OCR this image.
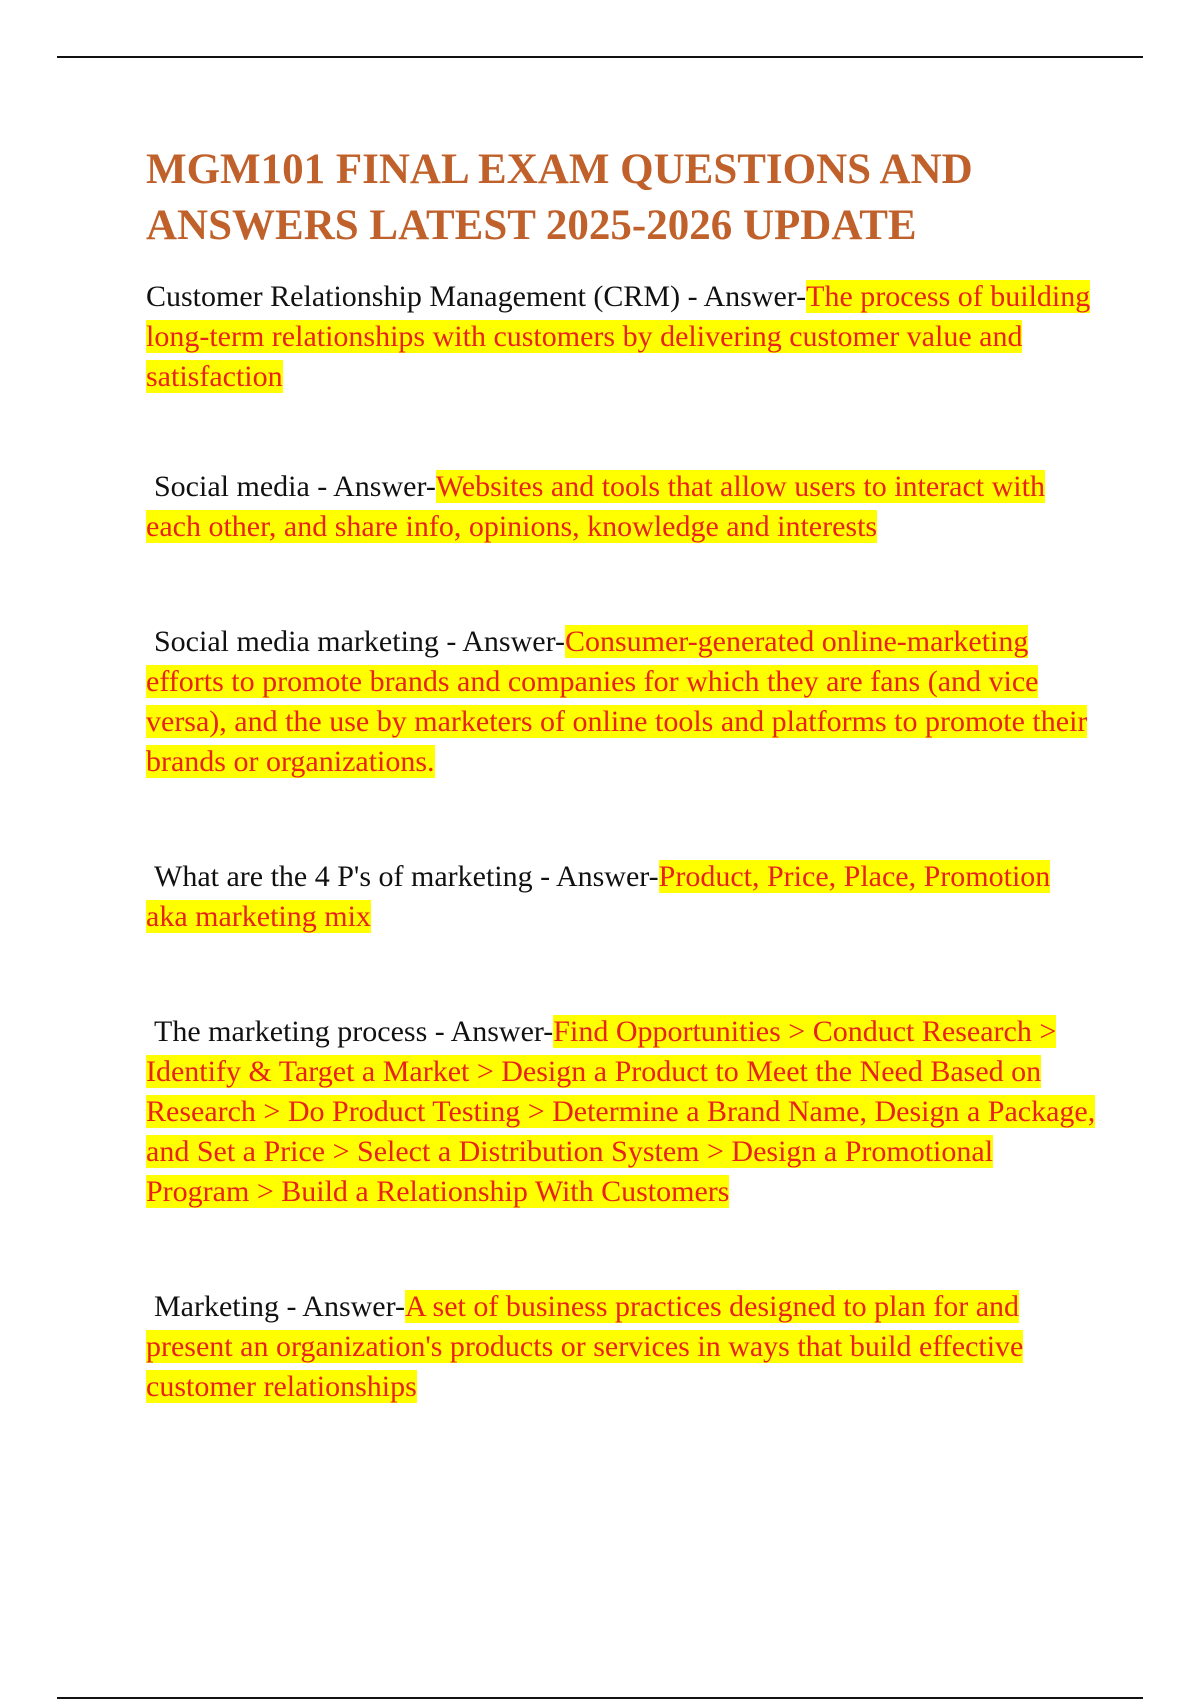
MGM101 FINAL EXAM QUESTIONS AND ANSWERS LATEST 2025-2026 UPDATE

Customer Relationship Management (CRM) - Answer-The process of building long-term relationships with customers by delivering customer value and satisfaction

Social media - Answer-Websites and tools that allow users to interact with each other, and share info, opinions, knowledge and interests

Social media marketing - Answer-Consumer-generated online-marketing efforts to promote brands and companies for which they are fans (and vice versa), and the use by marketers of online tools and platforms to promote their brands or organizations.

What are the 4 P's of marketing - Answer-Product, Price, Place, Promotion aka marketing mix

The marketing process - Answer-Find Opportunities > Conduct Research > Identify & Target a Market > Design a Product to Meet the Need Based on Research > Do Product Testing > Determine a Brand Name, Design a Package, and Set a Price > Select a Distribution System > Design a Promotional Program > Build a Relationship With Customers

Marketing - Answer-A set of business practices designed to plan for and present an organization's products or services in ways that build effective customer relationships
